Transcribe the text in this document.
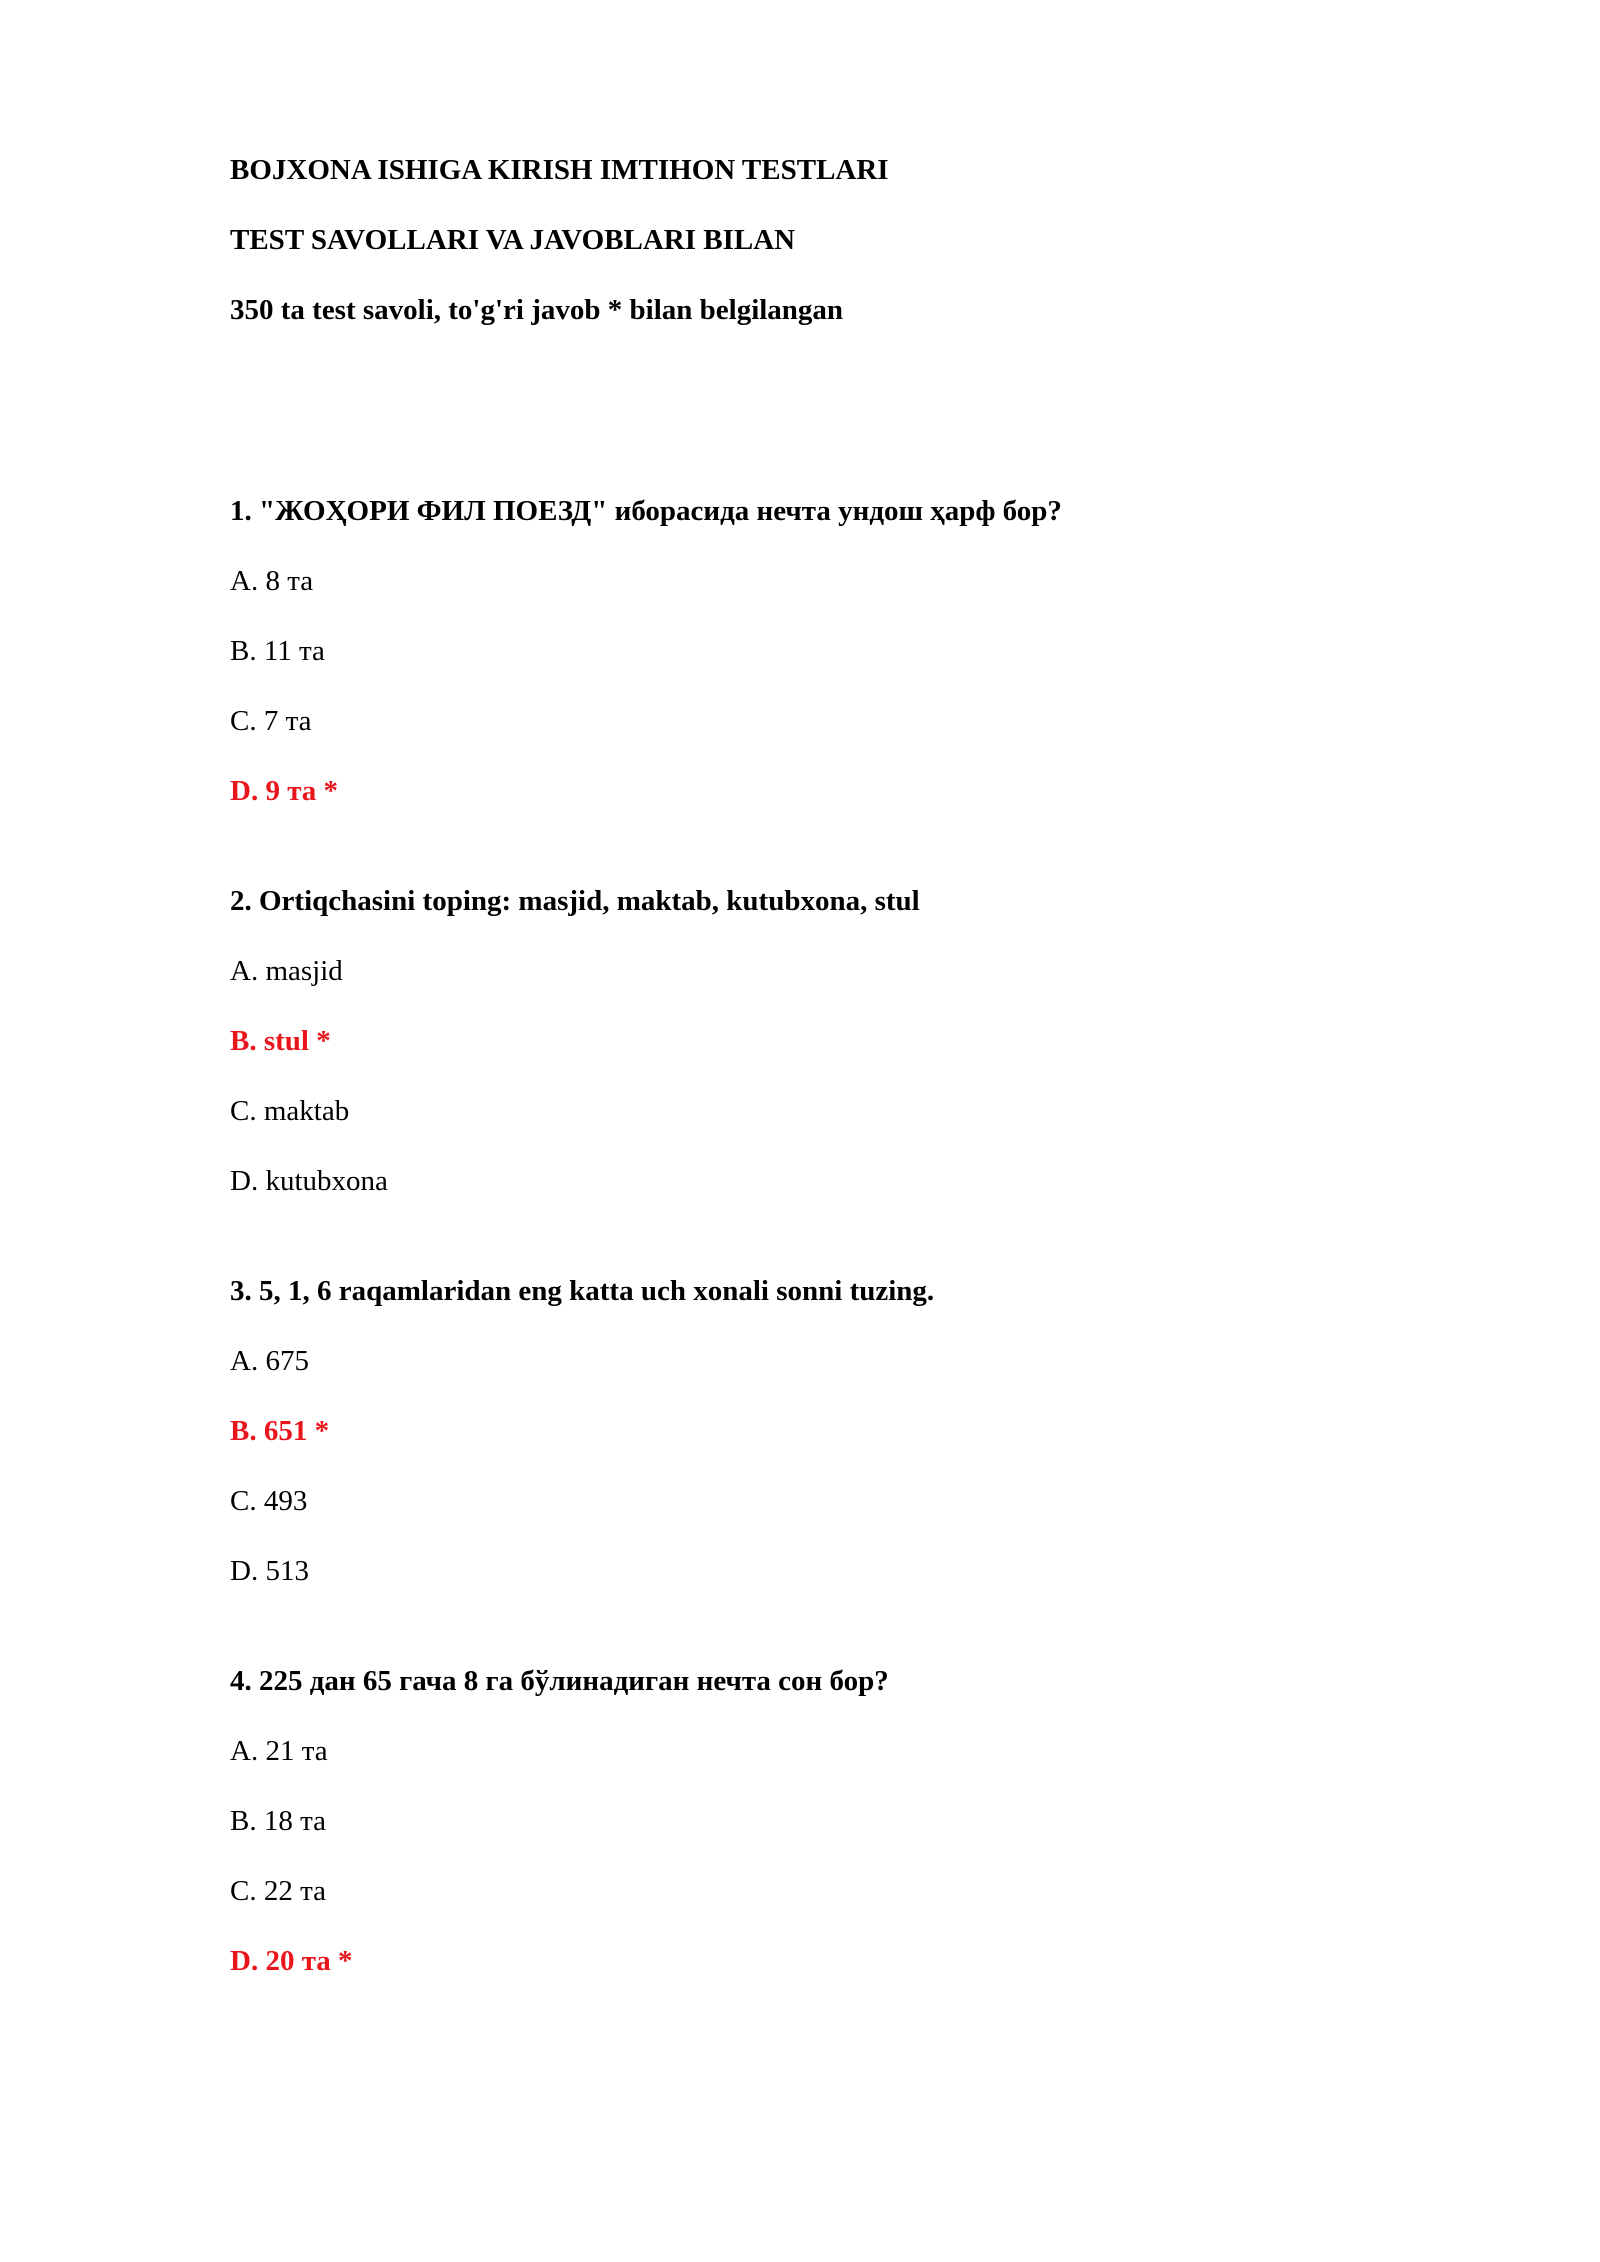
BOJXONA ISHIGA KIRISH IMTIHON TESTLARI
TEST SAVOLLARI VA JAVOBLARI BILAN
350 ta test savoli, to'g'ri javob * bilan belgilangan
1. "ЖОҲОРИ ФИЛ ПОЕЗД" иборасида нечта ундош ҳарф бор?
A. 8 та
B. 11 та
C. 7 та
D. 9 та *
2. Ortiqchasini toping: masjid, maktab, kutubxona, stul
A. masjid
B. stul *
C. maktab
D. kutubxona
3. 5, 1, 6 raqamlaridan eng katta uch xonali sonni tuzing.
A. 675
B. 651 *
C. 493
D. 513
4. 225 дан 65 гача 8 га бўлинадиган нечта сон бор?
A. 21 та
B. 18 та
C. 22 та
D. 20 та *
